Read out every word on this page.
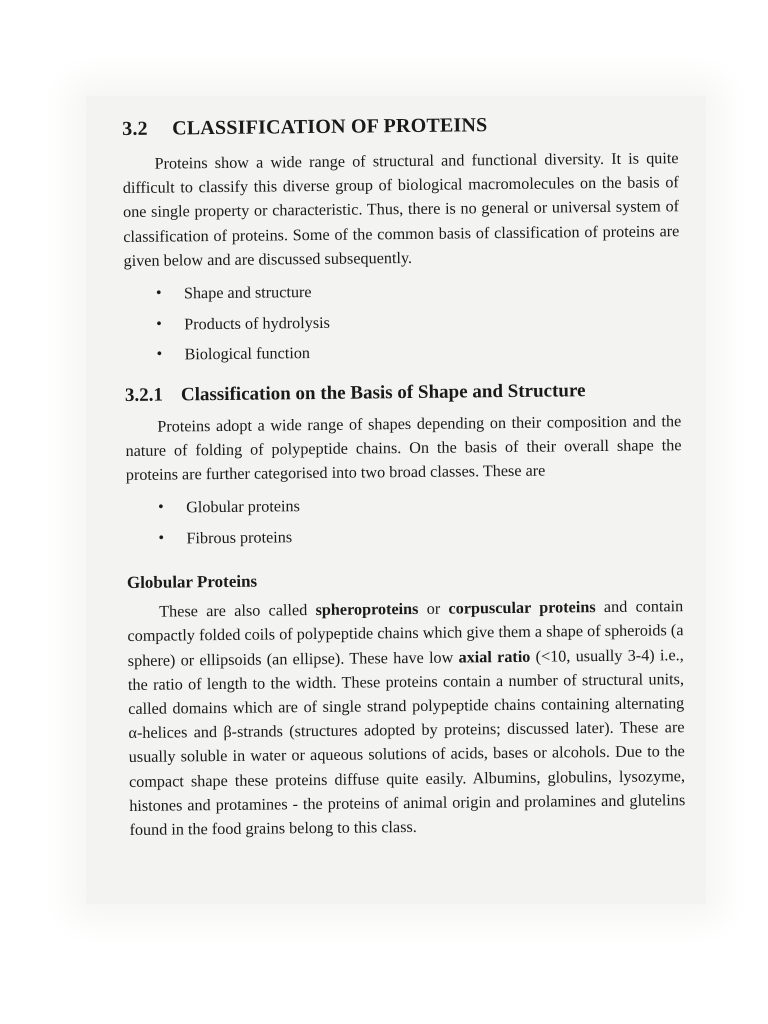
3.2 CLASSIFICATION OF PROTEINS

Proteins show a wide range of structural and functional diversity. It is quite difficult to classify this diverse group of biological macromolecules on the basis of one single property or characteristic. Thus, there is no general or universal system of classification of proteins. Some of the common basis of classification of proteins are given below and are discussed subsequently.

• Shape and structure
• Products of hydrolysis
• Biological function
3.2.1 Classification on the Basis of Shape and Structure

Proteins adopt a wide range of shapes depending on their composition and the nature of folding of polypeptide chains. On the basis of their overall shape the proteins are further categorised into two broad classes. These are

• Globular proteins
• Fibrous proteins
Globular Proteins

These are also called spheroproteins or corpuscular proteins and contain compactly folded coils of polypeptide chains which give them a shape of spheroids (a sphere) or ellipsoids (an ellipse). These have low axial ratio (<10, usually 3-4) i.e., the ratio of length to the width. These proteins contain a number of structural units, called domains which are of single strand polypeptide chains containing alternating α-helices and β-strands (structures adopted by proteins; discussed later). These are usually soluble in water or aqueous solutions of acids, bases or alcohols. Due to the compact shape these proteins diffuse quite easily. Albumins, globulins, lysozyme, histones and protamines - the proteins of animal origin and prolamines and glutelins found in the food grains belong to this class.
